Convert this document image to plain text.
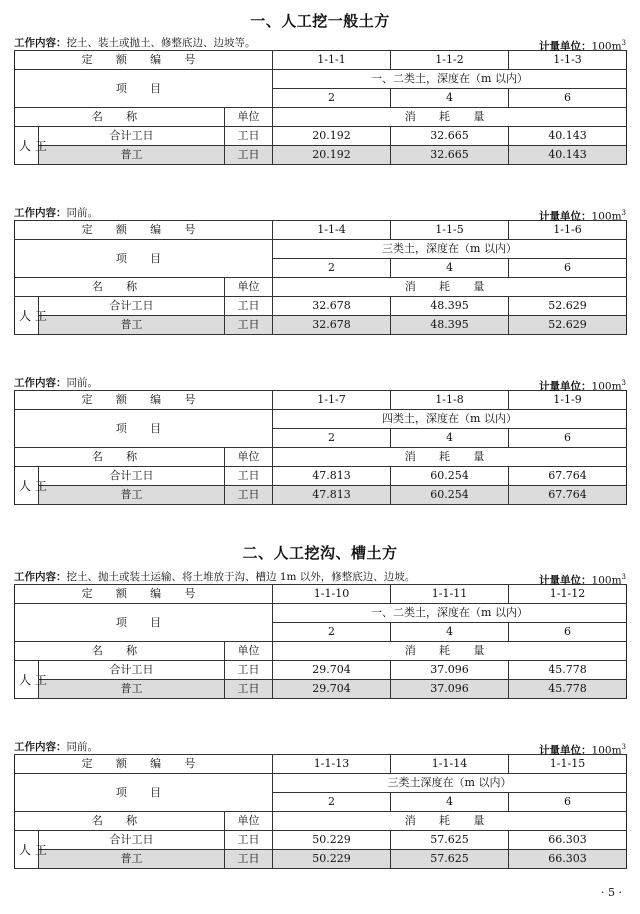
一、人工挖一般土方
二、人工挖沟、槽土方
工作内容：挖土、装土或抛土、修整底边、边坡等。	计量单位：$100m^3$
定 额 编 号			1-1-1	1-1-2	1-1-3
项 目			一、二类土，深度在（m 以内）		
			2	4	6
名 称		单位	消 耗 量		
人 工	合计工日	工日	20.192	32.665	40.143
	普工	工日	20.192	32.665	40.143
工作内容：同前。	计量单位：$100m^3$
定 额 编 号			1-1-4	1-1-5	1-1-6
项 目			三类土，深度在（m 以内）		
			2	4	6
名 称		单位	消 耗 量		
人 工	合计工日	工日	32.678	48.395	52.629
	普工	工日	32.678	48.395	52.629
工作内容：同前。	计量单位：$100m^3$
定 额 编 号			1-1-7	1-1-8	1-1-9
项 目			四类土，深度在（m 以内）		
			2	4	6
名 称		单位	消 耗 量		
人 工	合计工日	工日	47.813	60.254	67.764
	普工	工日	47.813	60.254	67.764
工作内容：挖土、抛土或装土运输、将土堆放于沟、槽边 1m 以外，修整底边、边坡。	计量单位：$100m^3$
定 额 编 号			1-1-10	1-1-11	1-1-12
项 目			一、二类土，深度在（m 以内）		
			2	4	6
名 称		单位	消 耗 量		
人 工	合计工日	工日	29.704	37.096	45.778
	普工	工日	29.704	37.096	45.778
工作内容：同前。	计量单位：$100m^3$
定 额 编 号			1-1-13	1-1-14	1-1-15
项 目			三类土深度在（m 以内）		
			2	4	6
名 称		单位	消 耗 量		
人 工	合计工日	工日	50.229	57.625	66.303
	普工	工日	50.229	57.625	66.303
· 5 ·
